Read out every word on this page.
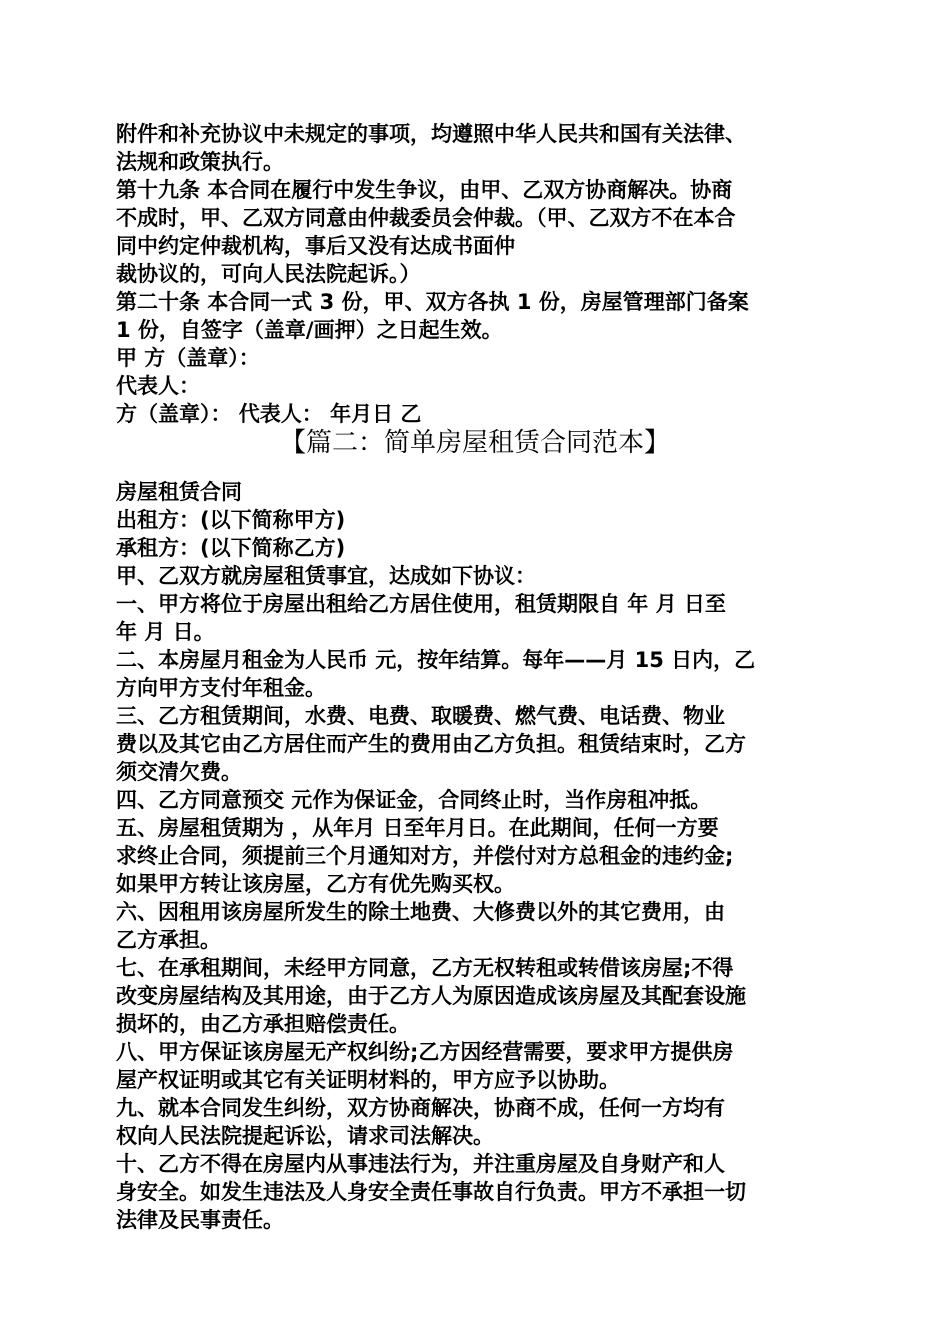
附件和补充协议中未规定的事项，均遵照中华人民共和国有关法律、

法规和政策执行。

第十九条 本合同在履行中发生争议，由甲、乙双方协商解决。协商

不成时，甲、乙双方同意由仲裁委员会仲裁。（甲、乙双方不在本合

同中约定仲裁机构，事后又没有达成书面仲

裁协议的，可向人民法院起诉。）

第二十条 本合同一式 3 份，甲、双方各执 1 份，房屋管理部门备案

1 份，自签字（盖章/画押）之日起生效。

甲 方（盖章）：

代表人：

方（盖章）： 代表人： 年月日 乙

【篇二：简单房屋租赁合同范本】

房屋租赁合同

出租方：(以下简称甲方)

承租方：(以下简称乙方)

甲、乙双方就房屋租赁事宜，达成如下协议：

一、甲方将位于房屋出租给乙方居住使用，租赁期限自 年 月 日至

年 月 日。

二、本房屋月租金为人民币 元，按年结算。每年——月 15 日内，乙

方向甲方支付年租金。

三、乙方租赁期间，水费、电费、取暖费、燃气费、电话费、物业

费以及其它由乙方居住而产生的费用由乙方负担。租赁结束时，乙方

须交清欠费。

四、乙方同意预交 元作为保证金，合同终止时，当作房租冲抵。

五、房屋租赁期为 ，从年月 日至年月日。在此期间，任何一方要

求终止合同，须提前三个月通知对方，并偿付对方总租金的违约金;

如果甲方转让该房屋，乙方有优先购买权。

六、因租用该房屋所发生的除土地费、大修费以外的其它费用，由

乙方承担。

七、在承租期间，未经甲方同意，乙方无权转租或转借该房屋;不得

改变房屋结构及其用途，由于乙方人为原因造成该房屋及其配套设施

损坏的，由乙方承担赔偿责任。

八、甲方保证该房屋无产权纠纷;乙方因经营需要，要求甲方提供房

屋产权证明或其它有关证明材料的，甲方应予以协助。

九、就本合同发生纠纷，双方协商解决，协商不成，任何一方均有

权向人民法院提起诉讼，请求司法解决。

十、乙方不得在房屋内从事违法行为，并注重房屋及自身财产和人

身安全。如发生违法及人身安全责任事故自行负责。甲方不承担一切

法律及民事责任。
